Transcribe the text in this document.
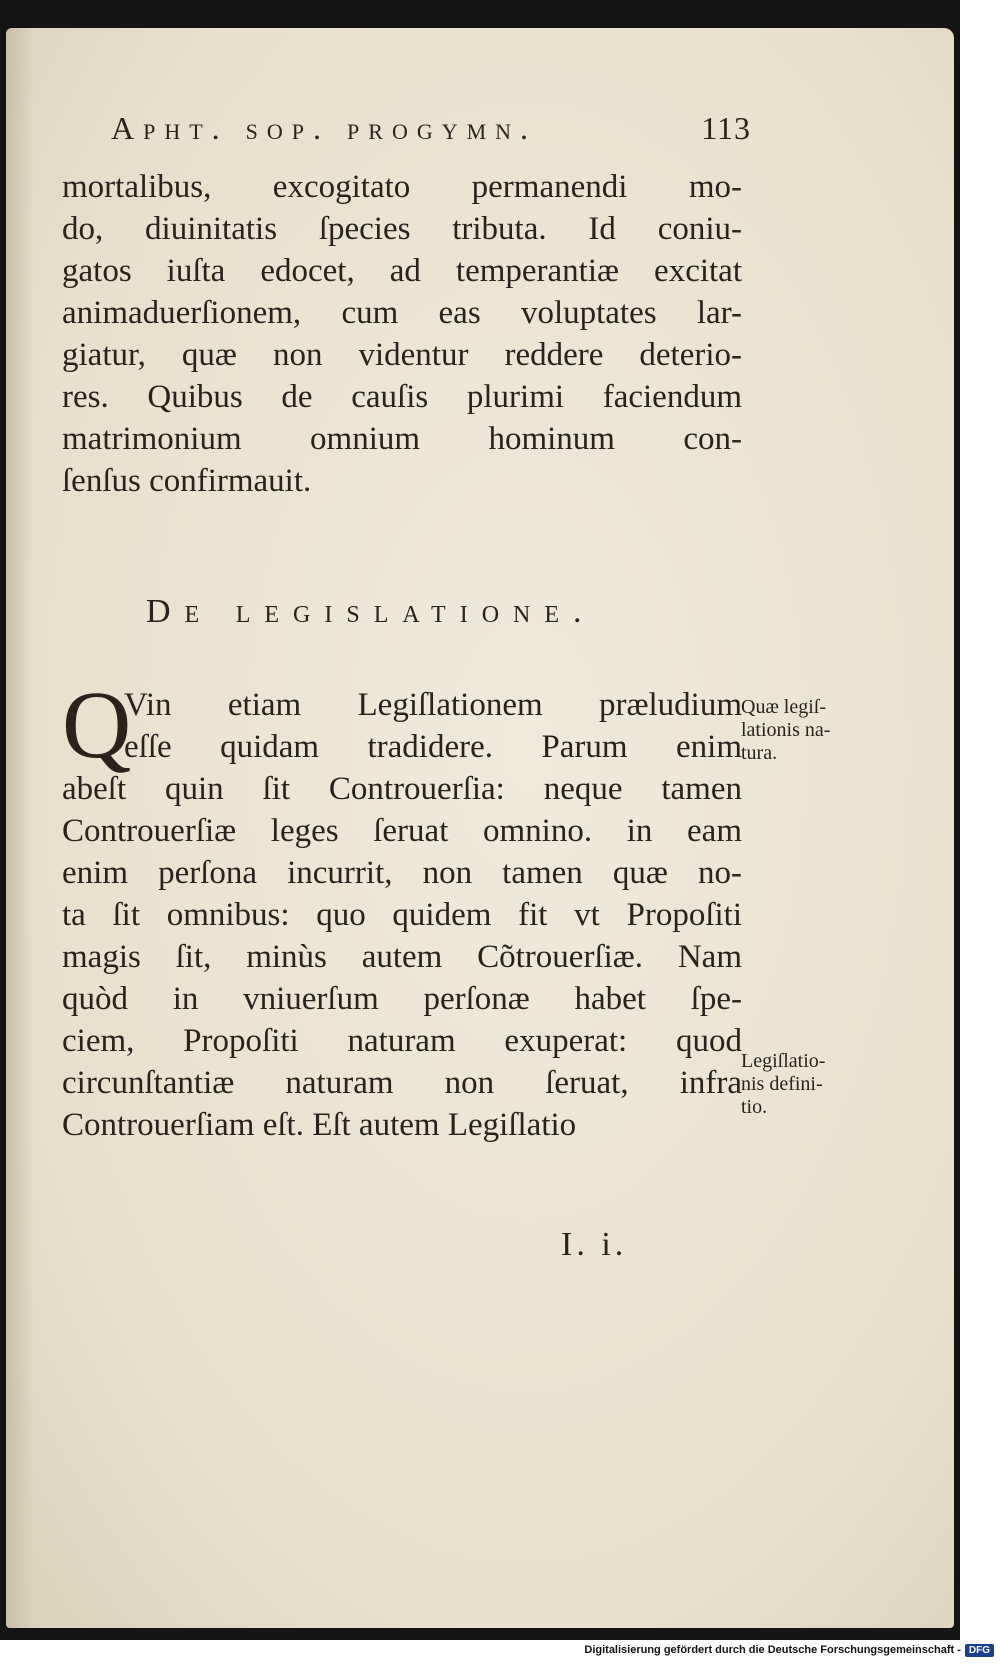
Apht. sop. progymn.	113
mortalibus, excogitato permanendi mo-
do, diuinitatis ſpecies tributa. Id coniu-
gatos iuſta edocet, ad temperantiæ excitat
animaduerſionem, cum eas voluptates lar-
giatur, quæ non videntur reddere deterio-
res. Quibus de cauſis plurimi faciendum
matrimonium omnium hominum con-
ſenſus confirmauit.
De legislatione.
Q
Vin etiam Legiſlationem præludium
eſſe quidam tradidere. Parum enim
abeſt quin ſit Controuerſia: neque tamen
Controuerſiæ leges ſeruat omnino. in eam
enim perſona incurrit, non tamen quæ no-
ta ſit omnibus: quo quidem fit vt Propoſiti
magis ſit, minùs autem Cõtrouerſiæ. Nam
quòd in vniuerſum perſonæ habet ſpe-
ciem, Propoſiti naturam exuperat: quod
circunſtantiæ naturam non ſeruat, infra
Controuerſiam eſt. Eſt autem Legiſlatio
Quæ legiſ-
lationis na-
tura.
Legiſlatio-
nis defini-
tio.
I. i.
Digitalisierung gefördert durch die Deutsche Forschungsgemeinschaft - DFG
